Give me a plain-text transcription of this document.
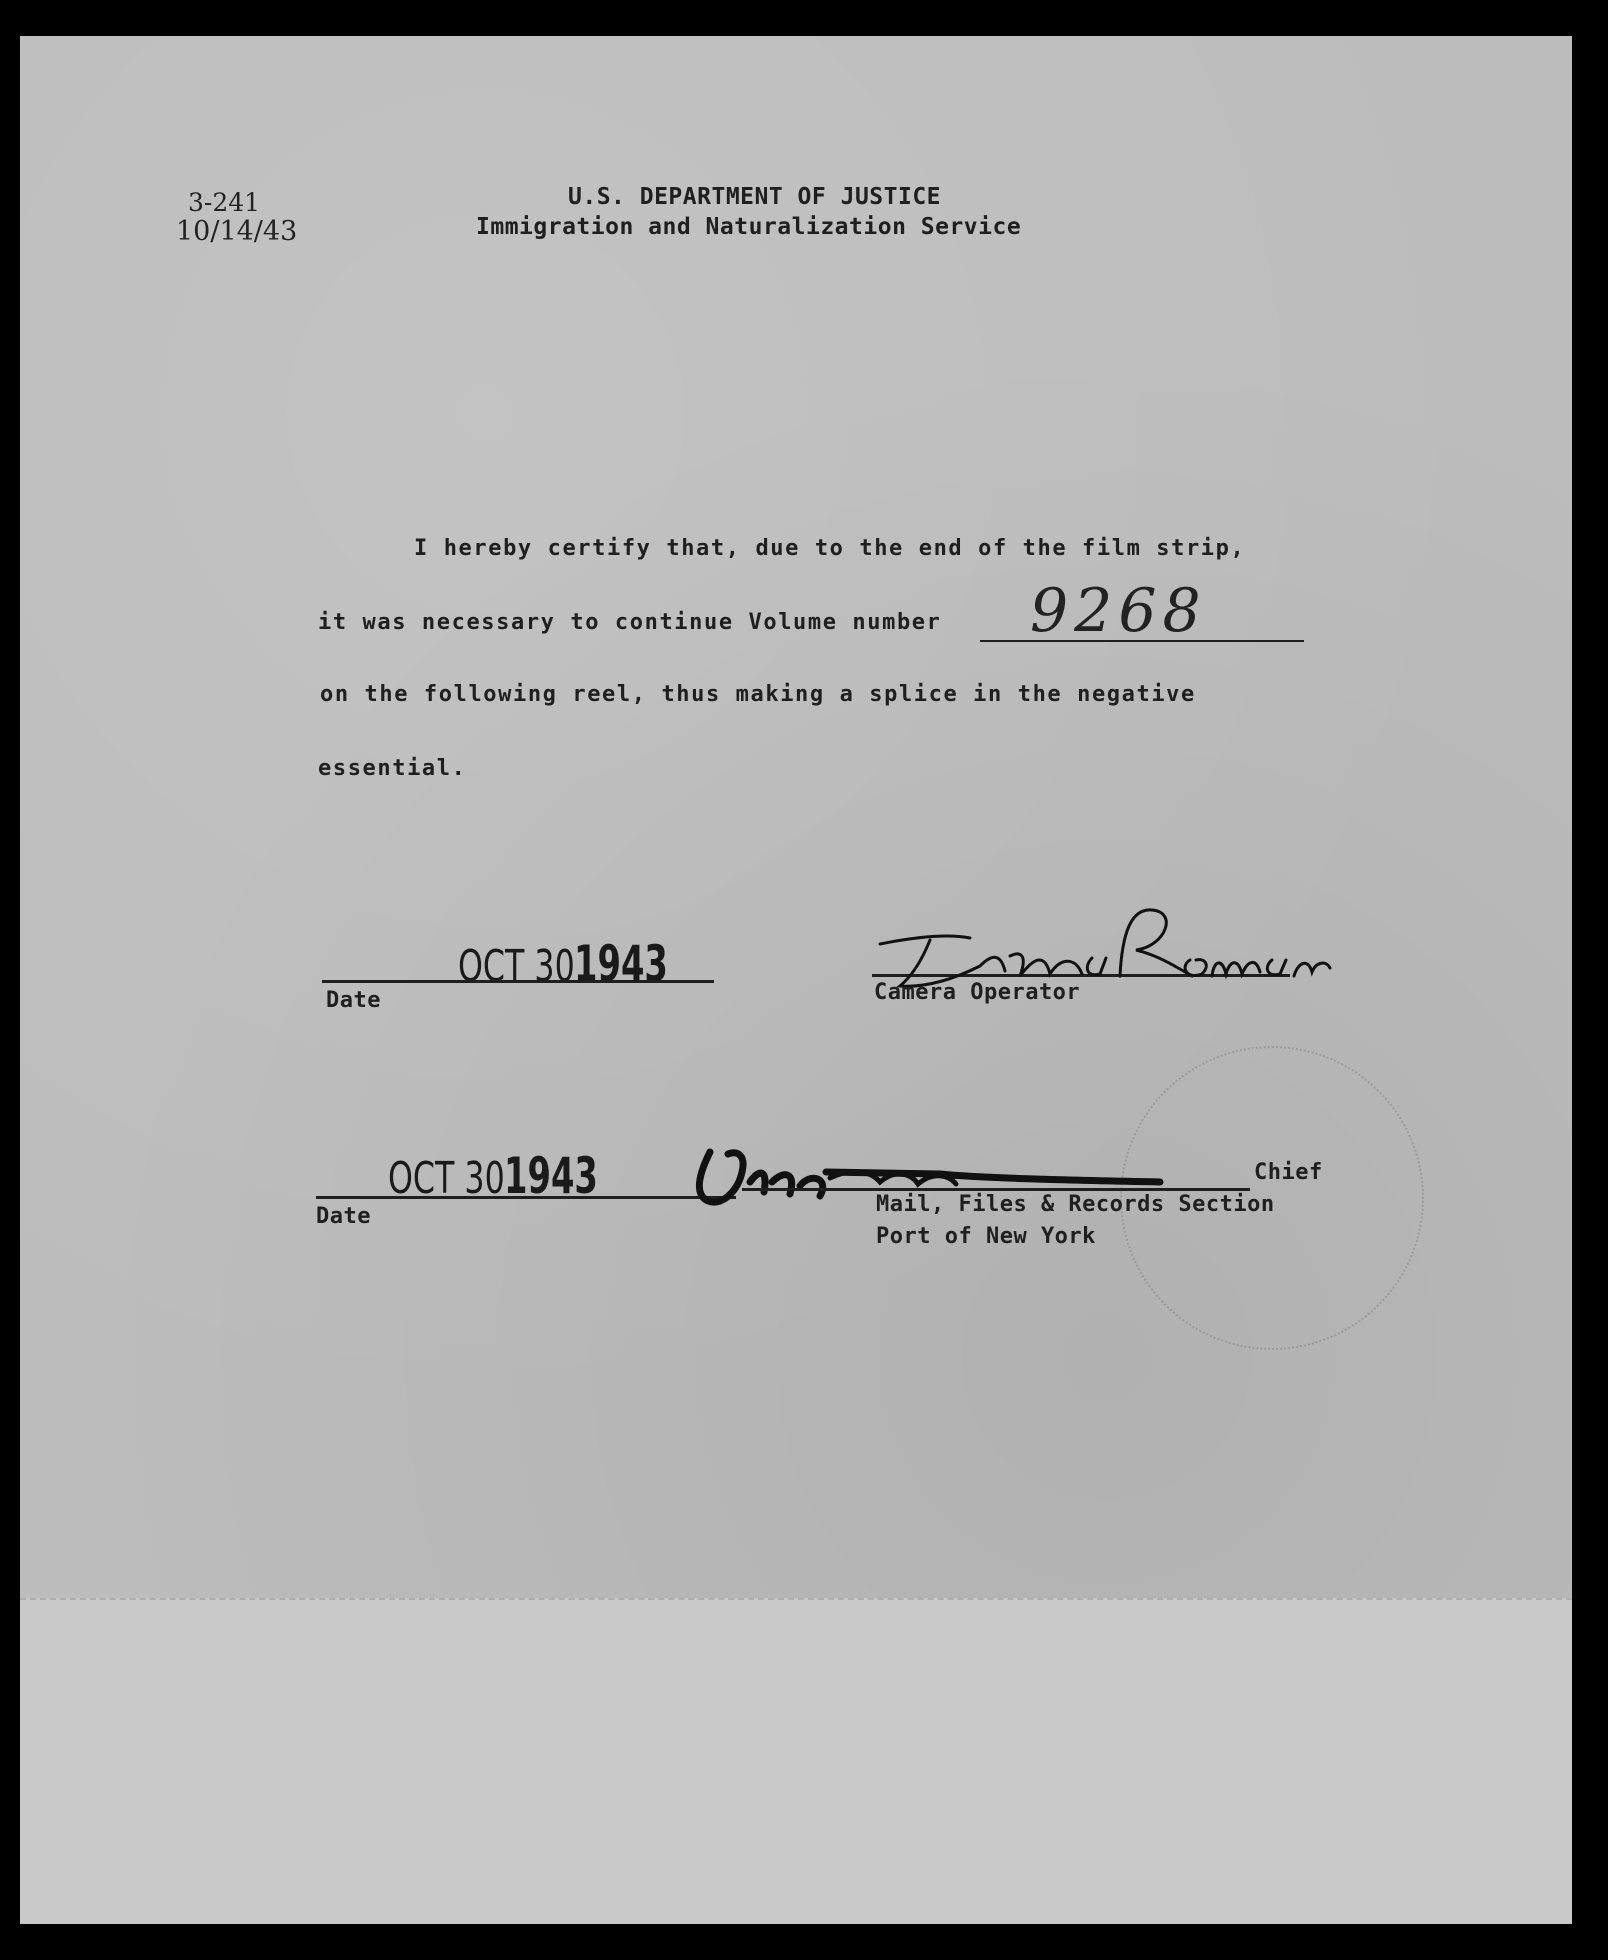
3-241
10/14/43
U.S. DEPARTMENT OF JUSTICE
Immigration and Naturalization Service
I hereby certify that, due to the end of the film strip,
it was necessary to continue Volume number 9268
on the following reel, thus making a splice in the negative
essential.

OCT 301943

Date	Camera Operator

OCT 301943

Date
Chief
Mail, Files & Records Section
Port of New York
